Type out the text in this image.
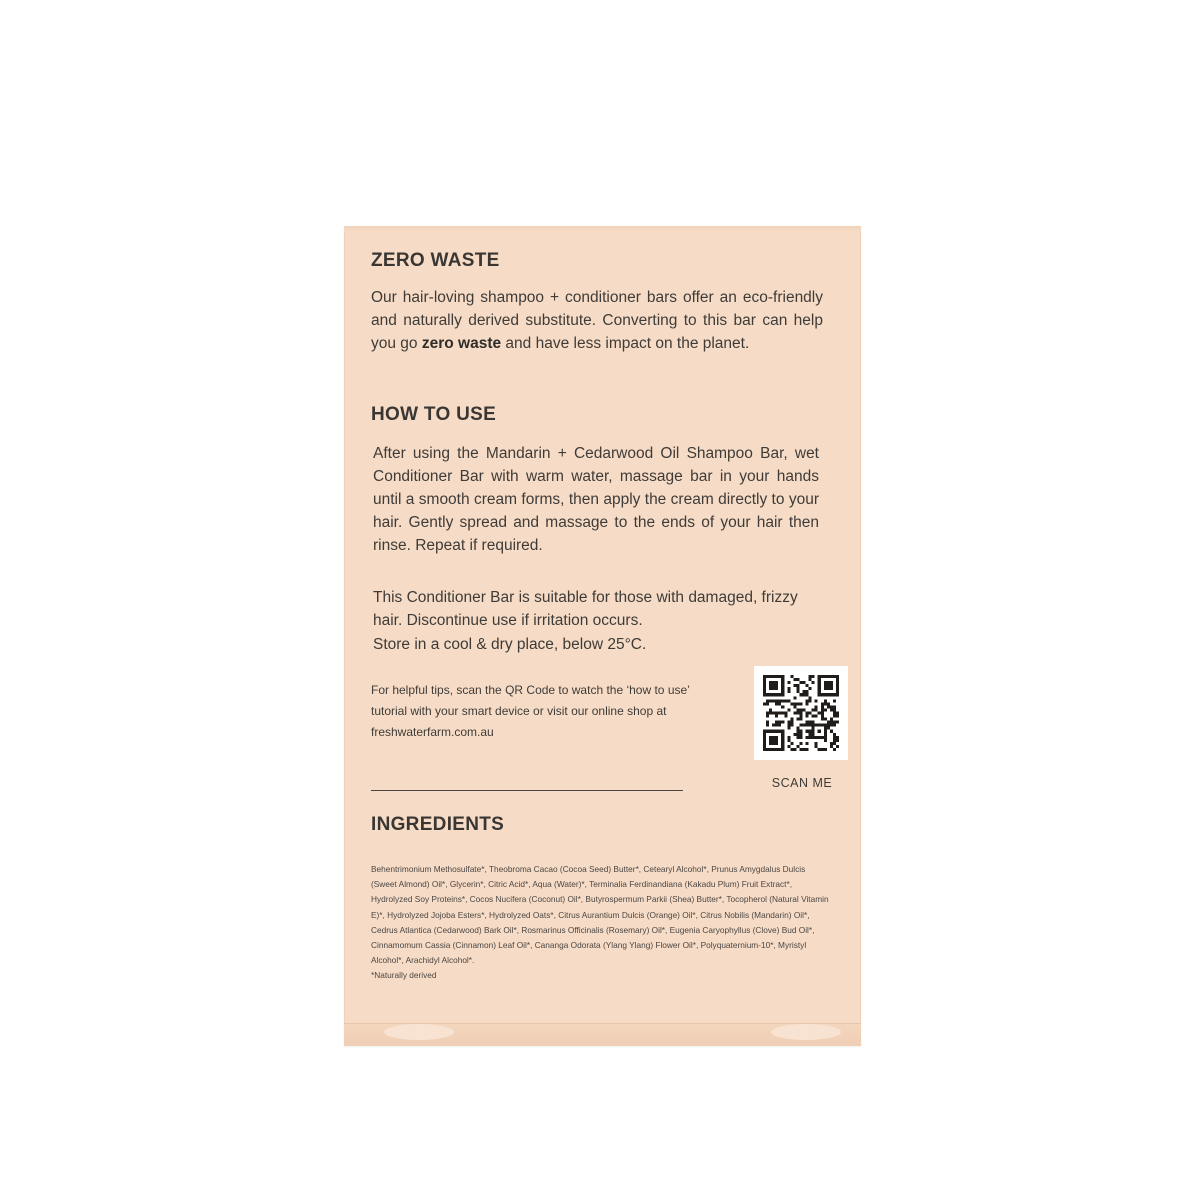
ZERO WASTE

Our hair-loving shampoo + conditioner bars offer an eco-friendly and naturally derived substitute. Converting to this bar can help you go zero waste and have less impact on the planet.

HOW TO USE

After using the Mandarin + Cedarwood Oil Shampoo Bar, wet Conditioner Bar with warm water, massage bar in your hands until a smooth cream forms, then apply the cream directly to your hair. Gently spread and massage to the ends of your hair then rinse. Repeat if required.

This Conditioner Bar is suitable for those with damaged, frizzy hair. Discontinue use if irritation occurs.

Store in a cool & dry place, below 25°C.

For helpful tips, scan the QR Code to watch the ‘how to use’ tutorial with your smart device or visit our online shop at freshwaterfarm.com.au
SCAN ME
INGREDIENTS
Behentrimonium Methosulfate*, Theobroma Cacao (Cocoa Seed) Butter*, Cetearyl Alcohol*, Prunus Amygdalus Dulcis (Sweet Almond) Oil*, Glycerin*, Citric Acid*, Aqua (Water)*, Terminalia Ferdinandiana (Kakadu Plum) Fruit Extract*, Hydrolyzed Soy Proteins*, Cocos Nucifera (Coconut) Oil*, Butyrospermum Parkii (Shea) Butter*, Tocopherol (Natural Vitamin E)*, Hydrolyzed Jojoba Esters*, Hydrolyzed Oats*, Citrus Aurantium Dulcis (Orange) Oil*, Citrus Nobilis (Mandarin) Oil*, Cedrus Atlantica (Cedarwood) Bark Oil*, Rosmarinus Officinalis (Rosemary) Oil*, Eugenia Caryophyllus (Clove) Bud Oil*, Cinnamomum Cassia (Cinnamon) Leaf Oil*, Cananga Odorata (Ylang Ylang) Flower Oil*, Polyquaternium-10*, Myristyl Alcohol*, Arachidyl Alcohol*.
*Naturally derived
